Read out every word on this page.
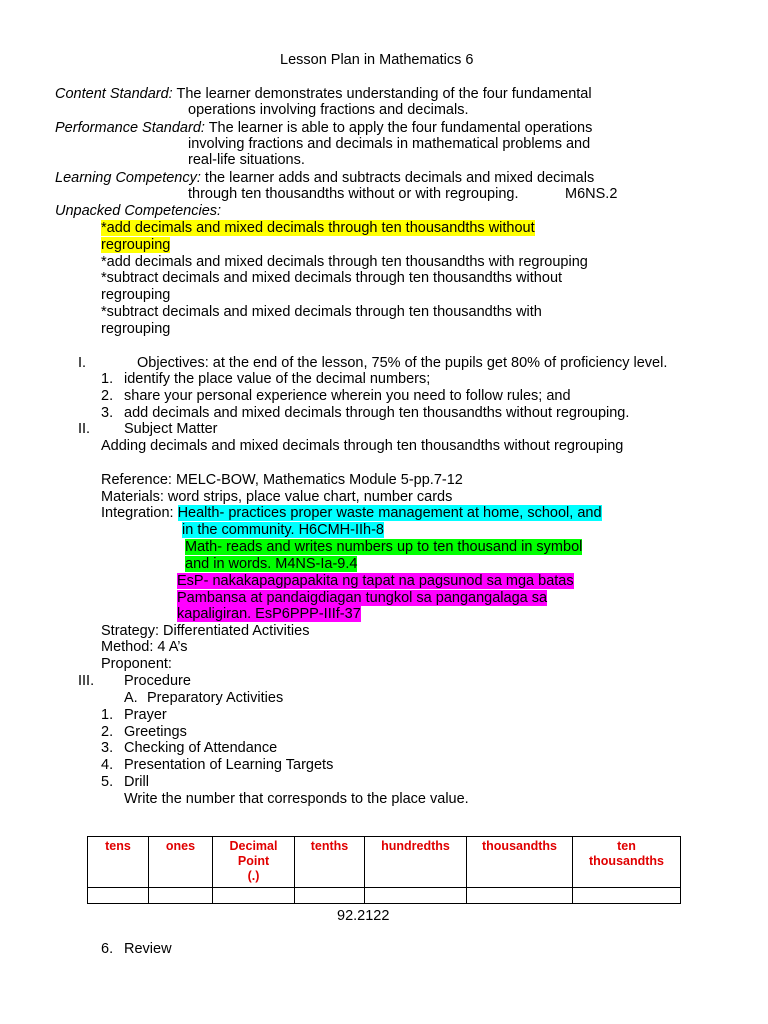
Lesson Plan in Mathematics 6
Content Standard: The learner demonstrates understanding of the four fundamental
operations involving fractions and decimals.
Performance Standard: The learner is able to apply the four fundamental operations
involving fractions and decimals in mathematical problems and
real-life situations.
Learning Competency: the learner adds and subtracts decimals and mixed decimals
through ten thousandths without or with regrouping.	M6NS.2
Unpacked Competencies:
*add decimals and mixed decimals through ten thousandths without
regrouping
*add decimals and mixed decimals through ten thousandths with regrouping
*subtract decimals and mixed decimals through ten thousandths without
regrouping
*subtract decimals and mixed decimals through ten thousandths with
regrouping
I.	Objectives: at the end of the lesson, 75% of the pupils get 80% of proficiency level.
1. identify the place value of the decimal numbers;
2. share your personal experience wherein you need to follow rules; and
3. add decimals and mixed decimals through ten thousandths without regrouping.
II. Subject Matter
Adding decimals and mixed decimals through ten thousandths without regrouping
Reference: MELC-BOW, Mathematics Module 5-pp.7-12
Materials: word strips, place value chart, number cards
Integration: Health- practices proper waste management at home, school, and
in the community. H6CMH-IIh-8
Math- reads and writes numbers up to ten thousand in symbol
and in words. M4NS-Ia-9.4
EsP- nakakapagpapakita ng tapat na pagsunod sa mga batas
Pambansa at pandaigdiagan tungkol sa pangangalaga sa
kapaligiran. EsP6PPP-IIIf-37
Strategy: Differentiated Activities
Method: 4 A’s
Proponent:
III. Procedure
A. Preparatory Activities
1. Prayer
2. Greetings
3. Checking of Attendance
4. Presentation of Learning Targets
5. Drill
Write the number that corresponds to the place value.
tens	ones	Decimal
Point
(.)	tenths	hundredths	thousandths	ten
thousandths

92.2122
6. Review
